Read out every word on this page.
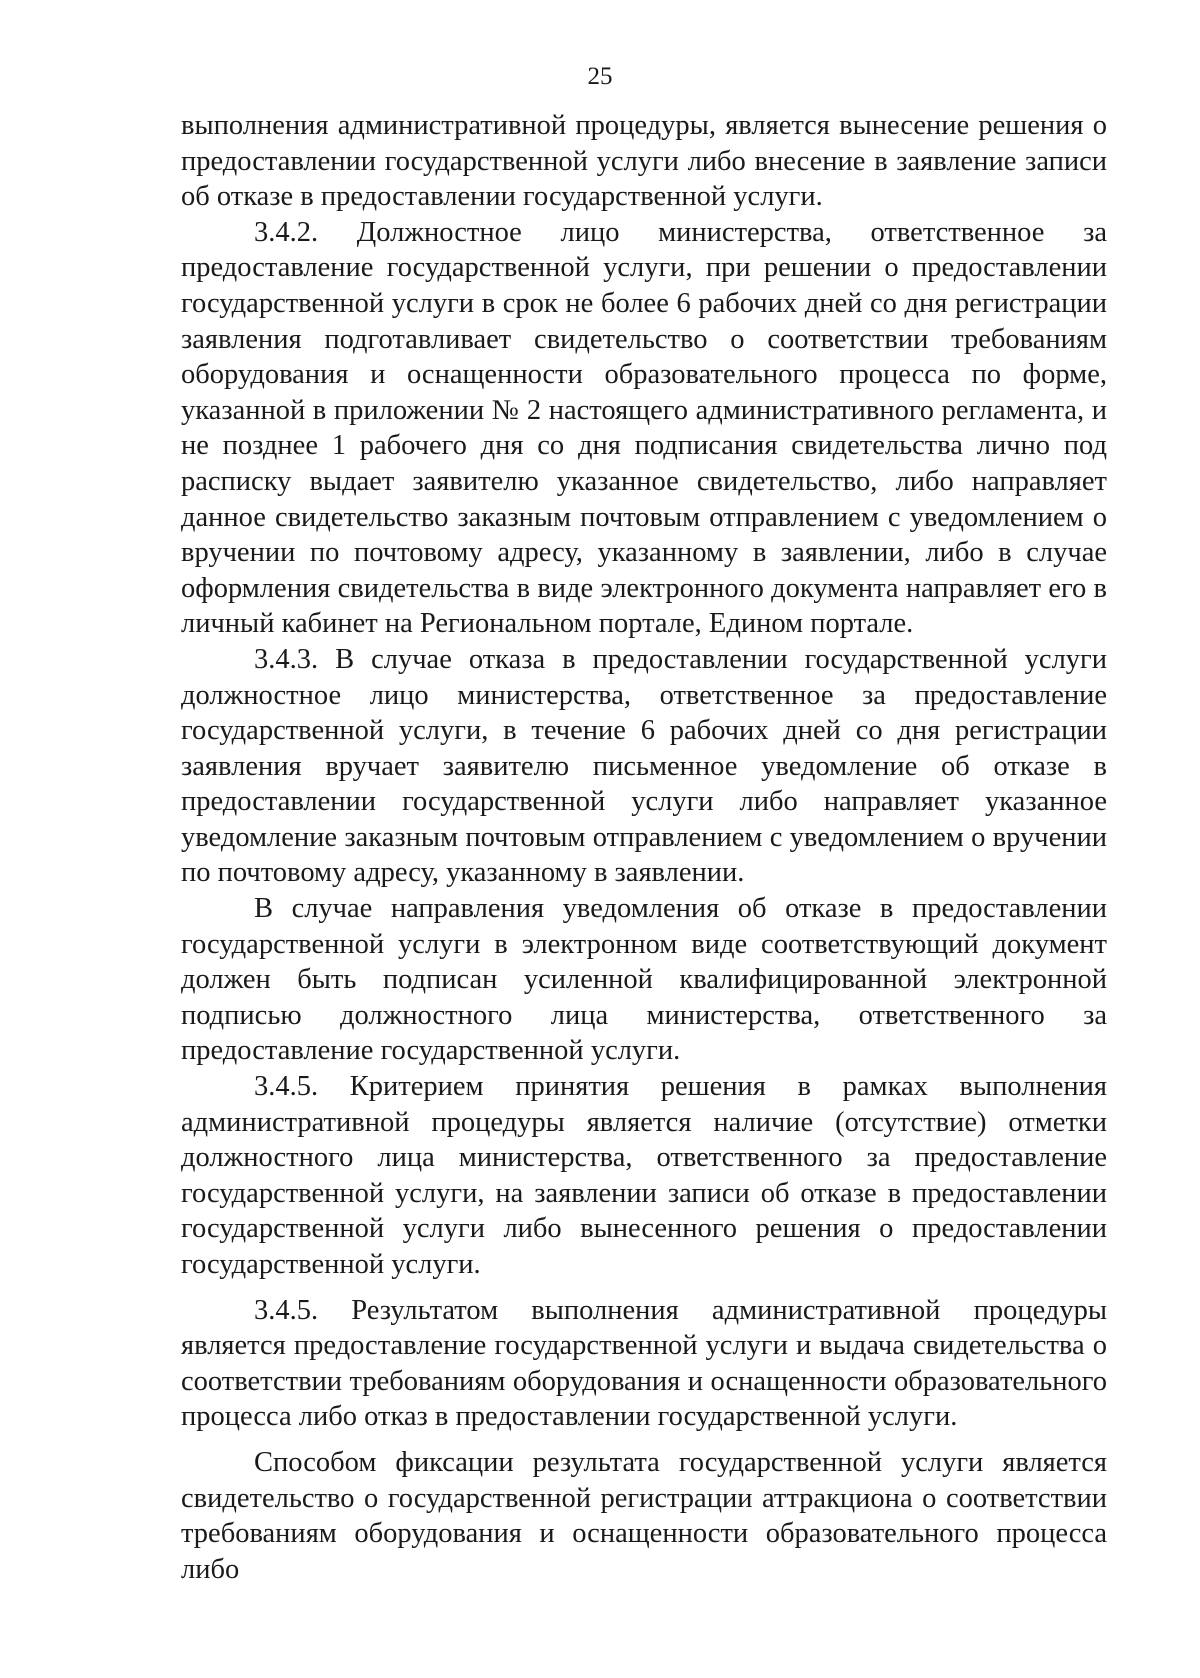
25

выполнения административной процедуры, является вынесение решения о предоставлении государственной услуги либо внесение в заявление записи об отказе в предоставлении государственной услуги.

3.4.2. Должностное лицо министерства, ответственное за предоставление государственной услуги, при решении о предоставлении государственной услуги в срок не более 6 рабочих дней со дня регистрации заявления подготавливает свидетельство о соответствии требованиям оборудования и оснащенности образовательного процесса по форме, указанной в приложении № 2 настоящего административного регламента, и не позднее 1 рабочего дня со дня подписания свидетельства лично под расписку выдает заявителю указанное свидетельство, либо направляет данное свидетельство заказным почтовым отправлением с уведомлением о вручении по почтовому адресу, указанному в заявлении, либо в случае оформления свидетельства в виде электронного документа направляет его в личный кабинет на Региональном портале, Едином портале.

3.4.3. В случае отказа в предоставлении государственной услуги должностное лицо министерства, ответственное за предоставление государственной услуги, в течение 6 рабочих дней со дня регистрации заявления вручает заявителю письменное уведомление об отказе в предоставлении государственной услуги либо направляет указанное уведомление заказным почтовым отправлением с уведомлением о вручении по почтовому адресу, указанному в заявлении.

В случае направления уведомления об отказе в предоставлении государственной услуги в электронном виде соответствующий документ должен быть подписан усиленной квалифицированной электронной подписью должностного лица министерства, ответственного за предоставление государственной услуги.

3.4.5. Критерием принятия решения в рамках выполнения административной процедуры является наличие (отсутствие) отметки должностного лица министерства, ответственного за предоставление государственной услуги, на заявлении записи об отказе в предоставлении государственной услуги либо вынесенного решения о предоставлении государственной услуги.

3.4.5. Результатом выполнения административной процедуры является предоставление государственной услуги и выдача свидетельства о соответствии требованиям оборудования и оснащенности образовательного процесса либо отказ в предоставлении государственной услуги.

Способом фиксации результата государственной услуги является свидетельство о государственной регистрации аттракциона о соответствии требованиям оборудования и оснащенности образовательного процесса либо
